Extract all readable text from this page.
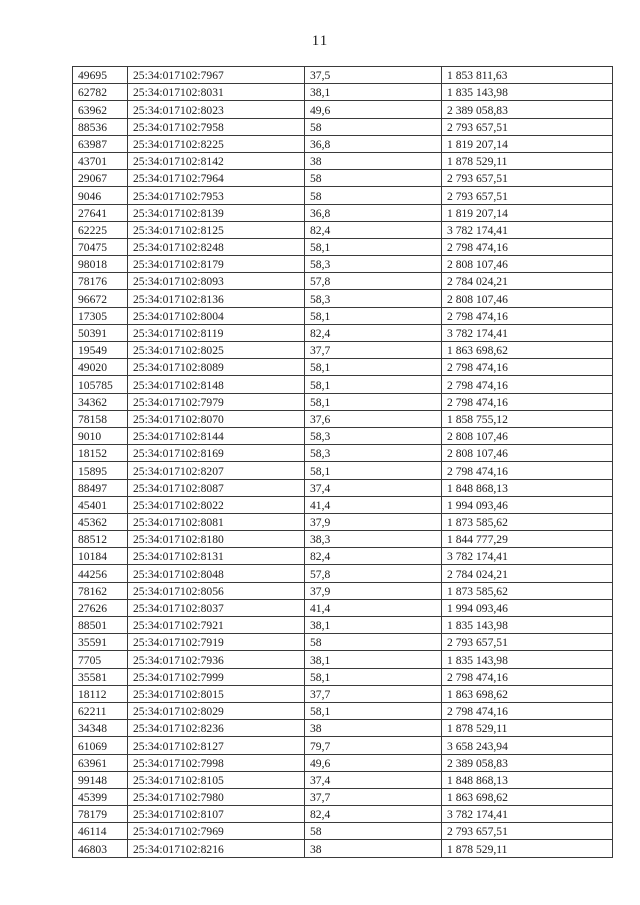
11
49695	25:34:017102:7967	37,5	1 853 811,63
62782	25:34:017102:8031	38,1	1 835 143,98
63962	25:34:017102:8023	49,6	2 389 058,83
88536	25:34:017102:7958	58	2 793 657,51
63987	25:34:017102:8225	36,8	1 819 207,14
43701	25:34:017102:8142	38	1 878 529,11
29067	25:34:017102:7964	58	2 793 657,51
9046	25:34:017102:7953	58	2 793 657,51
27641	25:34:017102:8139	36,8	1 819 207,14
62225	25:34:017102:8125	82,4	3 782 174,41
70475	25:34:017102:8248	58,1	2 798 474,16
98018	25:34:017102:8179	58,3	2 808 107,46
78176	25:34:017102:8093	57,8	2 784 024,21
96672	25:34:017102:8136	58,3	2 808 107,46
17305	25:34:017102:8004	58,1	2 798 474,16
50391	25:34:017102:8119	82,4	3 782 174,41
19549	25:34:017102:8025	37,7	1 863 698,62
49020	25:34:017102:8089	58,1	2 798 474,16
105785	25:34:017102:8148	58,1	2 798 474,16
34362	25:34:017102:7979	58,1	2 798 474,16
78158	25:34:017102:8070	37,6	1 858 755,12
9010	25:34:017102:8144	58,3	2 808 107,46
18152	25:34:017102:8169	58,3	2 808 107,46
15895	25:34:017102:8207	58,1	2 798 474,16
88497	25:34:017102:8087	37,4	1 848 868,13
45401	25:34:017102:8022	41,4	1 994 093,46
45362	25:34:017102:8081	37,9	1 873 585,62
88512	25:34:017102:8180	38,3	1 844 777,29
10184	25:34:017102:8131	82,4	3 782 174,41
44256	25:34:017102:8048	57,8	2 784 024,21
78162	25:34:017102:8056	37,9	1 873 585,62
27626	25:34:017102:8037	41,4	1 994 093,46
88501	25:34:017102:7921	38,1	1 835 143,98
35591	25:34:017102:7919	58	2 793 657,51
7705	25:34:017102:7936	38,1	1 835 143,98
35581	25:34:017102:7999	58,1	2 798 474,16
18112	25:34:017102:8015	37,7	1 863 698,62
62211	25:34:017102:8029	58,1	2 798 474,16
34348	25:34:017102:8236	38	1 878 529,11
61069	25:34:017102:8127	79,7	3 658 243,94
63961	25:34:017102:7998	49,6	2 389 058,83
99148	25:34:017102:8105	37,4	1 848 868,13
45399	25:34:017102:7980	37,7	1 863 698,62
78179	25:34:017102:8107	82,4	3 782 174,41
46114	25:34:017102:7969	58	2 793 657,51
46803	25:34:017102:8216	38	1 878 529,11
